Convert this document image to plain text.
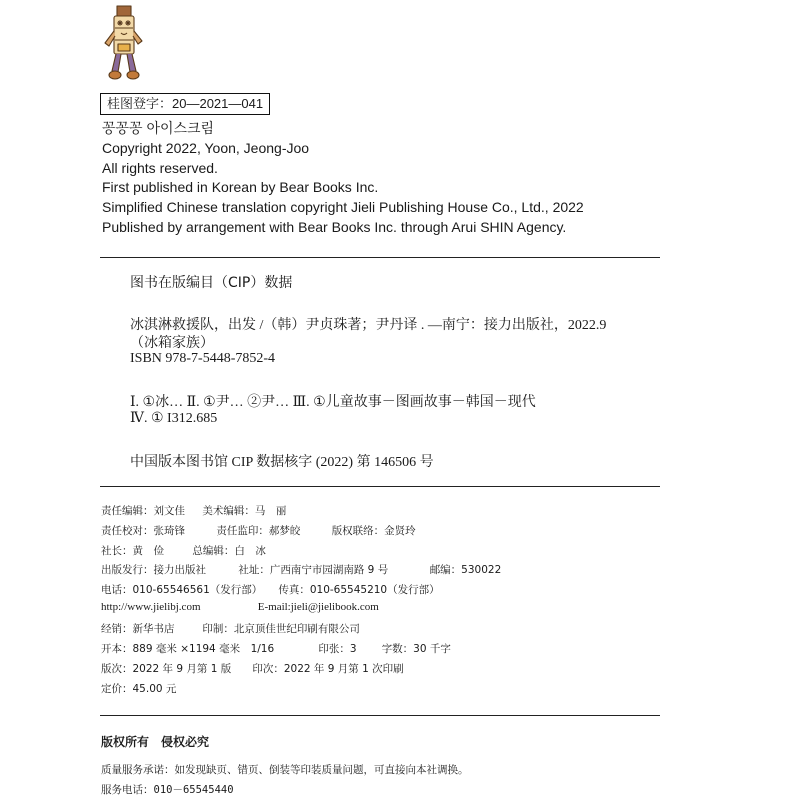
桂图登字：20—2021—041
꽁꽁꽁 아이스크림
Copyright 2022, Yoon, Jeong-Joo
All rights reserved.
First published in Korean by Bear Books Inc.
Simplified Chinese translation copyright Jieli Publishing House Co., Ltd., 2022
Published by arrangement with Bear Books Inc. through Arui SHIN Agency.
图书在版编目（CIP）数据
冰淇淋救援队，出发 /（韩）尹贞珠著；尹丹译 . —南宁：接力出版社，2022.9
（冰箱家族）
ISBN 978-7-5448-7852-4
Ⅰ. ①冰… Ⅱ. ①尹… ②尹… Ⅲ. ①儿童故事－图画故事－韩国－现代
Ⅳ. ① I312.685
中国版本图书馆 CIP 数据核字 (2022) 第 146506 号
责任编辑：刘文佳 美术编辑：马　丽
责任校对：张琦锋	责任监印：郝梦皎	版权联络：金贤玲
社长：黄　俭	总编辑：白　冰
出版发行：接力出版社	社址：广西南宁市园湖南路 9 号	邮编：530022
电话：010-65546561（发行部） 传真：010-65545210（发行部）
http://www.jielibj.com	E-mail:jieli@jielibook.com
经销：新华书店	印制：北京顶佳世纪印刷有限公司
开本：889 毫米 ×1194 毫米　1/16	印张：3 字数：30 千字
版次：2022 年 9 月第 1 版 印次：2022 年 9 月第 1 次印刷
定价：45.00 元
版权所有　侵权必究
质量服务承诺：如发现缺页、错页、倒装等印装质量问题，可直接向本社调换。
服务电话：010－65545440
